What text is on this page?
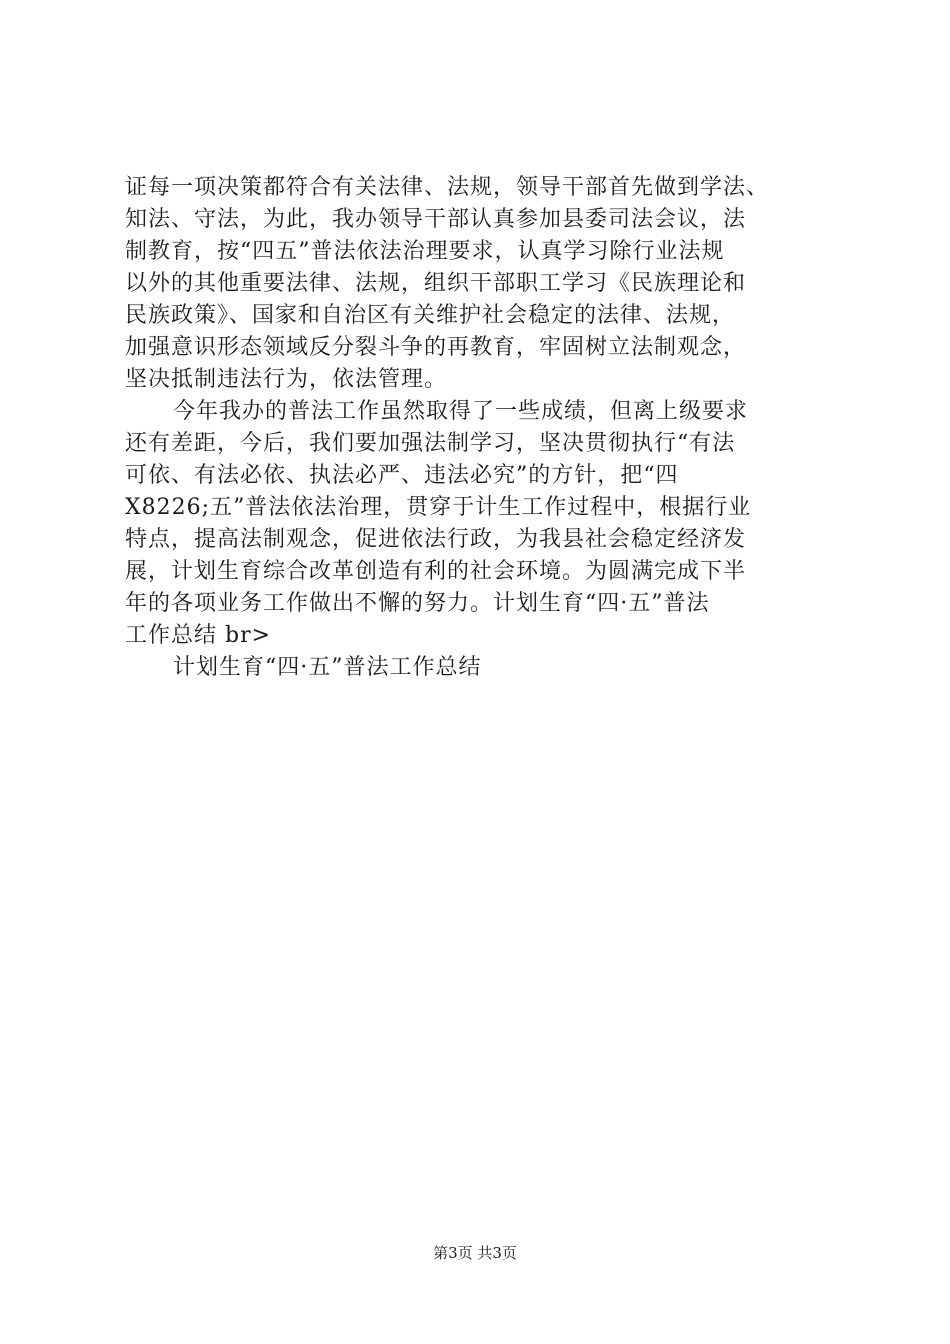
证每一项决策都符合有关法律、法规，领导干部首先做到学法、
知法、守法，为此，我办领导干部认真参加县委司法会议，法
制教育，按“四五”普法依法治理要求，认真学习除行业法规
以外的其他重要法律、法规，组织干部职工学习《民族理论和
民族政策》、国家和自治区有关维护社会稳定的法律、法规，
加强意识形态领域反分裂斗争的再教育，牢固树立法制观念，
坚决抵制违法行为，依法管理。
今年我办的普法工作虽然取得了一些成绩，但离上级要求
还有差距，今后，我们要加强法制学习，坚决贯彻执行“有法
可依、有法必依、执法必严、违法必究”的方针，把“四
X8226;五”普法依法治理，贯穿于计生工作过程中，根据行业
特点，提高法制观念，促进依法行政，为我县社会稳定经济发
展，计划生育综合改革创造有利的社会环境。为圆满完成下半
年的各项业务工作做出不懈的努力。计划生育“四·五”普法
工作总结 br>
计划生育“四·五”普法工作总结
第3页 共3页
